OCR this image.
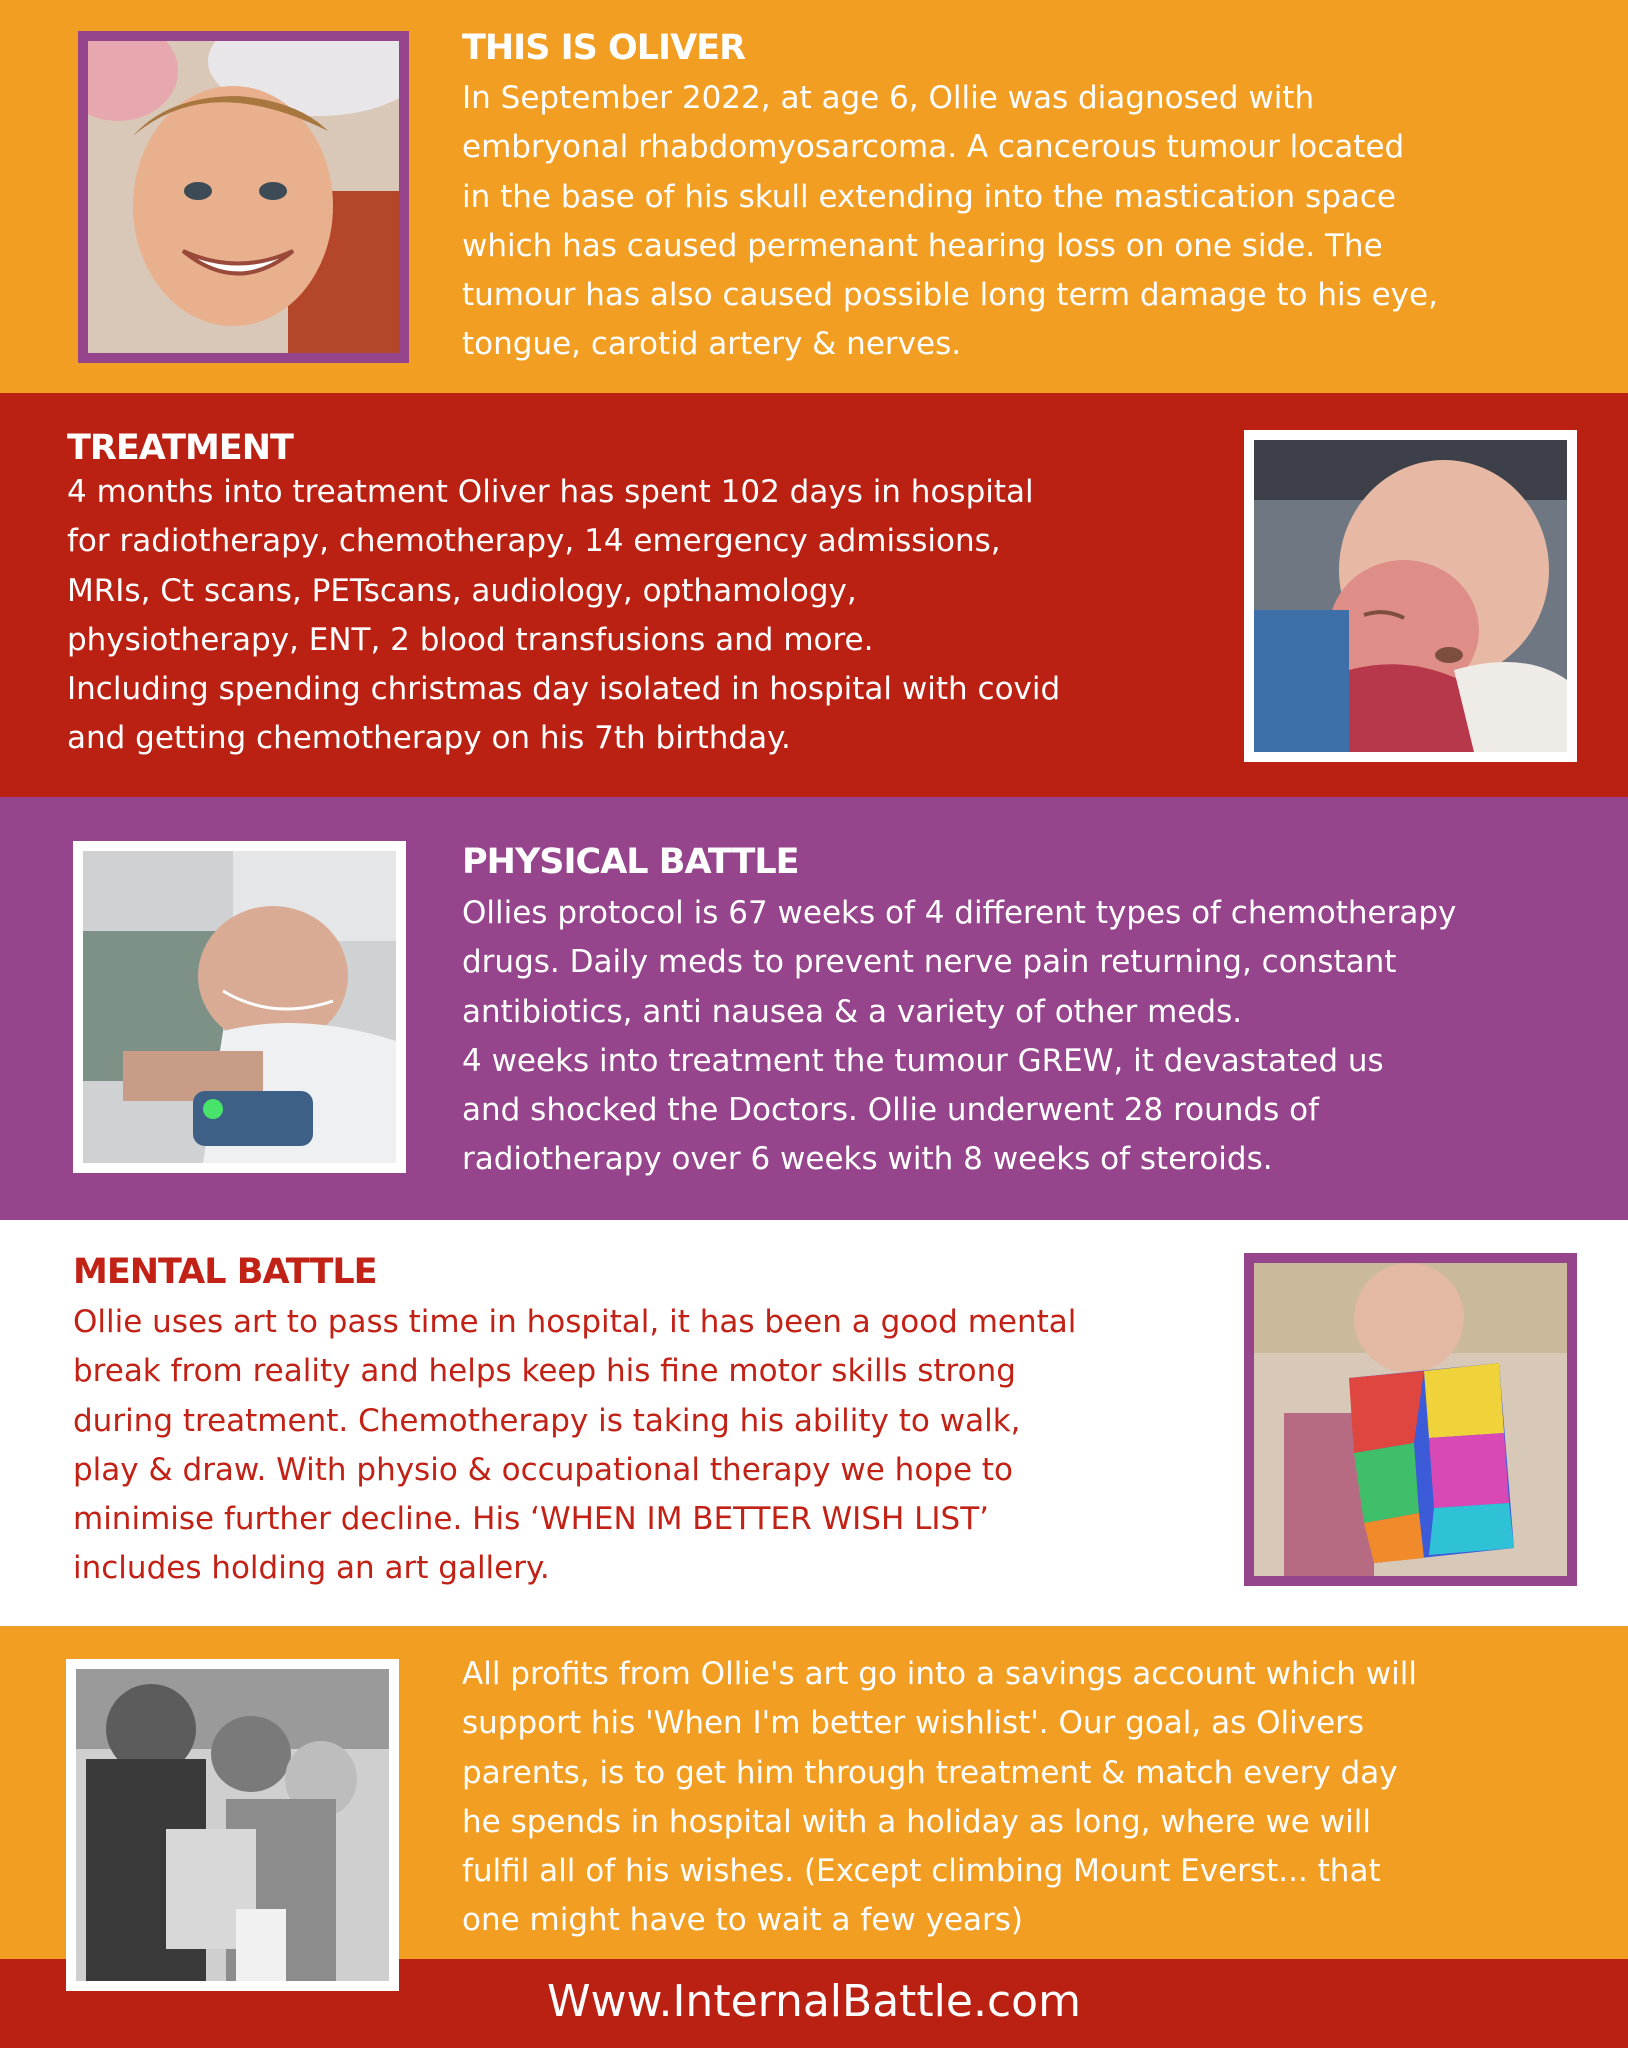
THIS IS OLIVER
In September 2022, at age 6, Ollie was diagnosed with
embryonal rhabdomyosarcoma. A cancerous tumour located
in the base of his skull extending into the mastication space
which has caused permenant hearing loss on one side. The
tumour has also caused possible long term damage to his eye,
tongue, carotid artery & nerves.
TREATMENT
4 months into treatment Oliver has spent 102 days in hospital
for radiotherapy, chemotherapy, 14 emergency admissions,
MRIs, Ct scans, PETscans, audiology, opthamology,
physiotherapy, ENT, 2 blood transfusions and more.
Including spending christmas day isolated in hospital with covid
and getting chemotherapy on his 7th birthday.
PHYSICAL BATTLE
Ollies protocol is 67 weeks of 4 different types of chemotherapy
drugs. Daily meds to prevent nerve pain returning, constant
antibiotics, anti nausea & a variety of other meds.
4 weeks into treatment the tumour GREW, it devastated us
and shocked the Doctors. Ollie underwent 28 rounds of
radiotherapy over 6 weeks with 8 weeks of steroids.
MENTAL BATTLE
Ollie uses art to pass time in hospital, it has been a good mental
break from reality and helps keep his fine motor skills strong
during treatment. Chemotherapy is taking his ability to walk,
play & draw. With physio & occupational therapy we hope to
minimise further decline. His ‘WHEN IM BETTER WISH LIST’
includes holding an art gallery.
All profits from Ollie's art go into a savings account which will
support his 'When I'm better wishlist'. Our goal, as Olivers
parents, is to get him through treatment & match every day
he spends in hospital with a holiday as long, where we will
fulfil all of his wishes. (Except climbing Mount Everst... that
one might have to wait a few years)
Www.InternalBattle.com
